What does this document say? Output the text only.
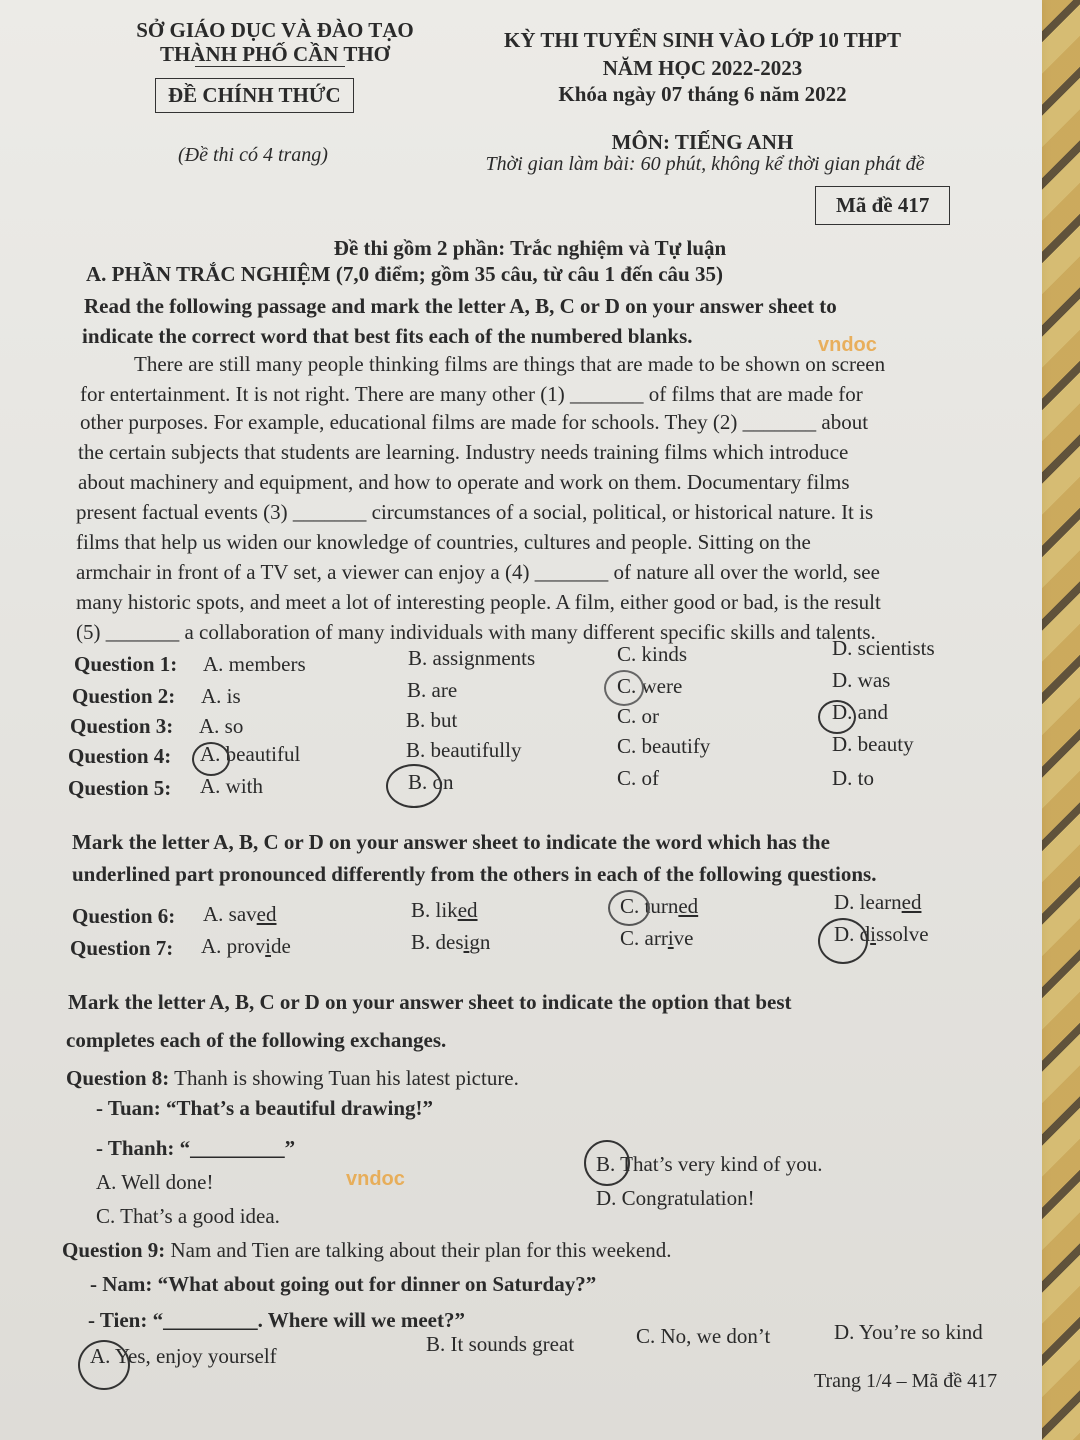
SỞ GIÁO DỤC VÀ ĐÀO TẠO
THÀNH PHỐ CẦN THƠ
ĐỀ CHÍNH THỨC
(Đề thi có 4 trang)
KỲ THI TUYỂN SINH VÀO LỚP 10 THPT
NĂM HỌC 2022-2023
Khóa ngày 07 tháng 6 năm 2022
MÔN: TIẾNG ANH
Thời gian làm bài: 60 phút, không kể thời gian phát đề
Mã đề 417
Đề thi gồm 2 phần: Trắc nghiệm và Tự luận
A. PHẦN TRẮC NGHIỆM (7,0 điểm; gồm 35 câu, từ câu 1 đến câu 35)
Read the following passage and mark the letter A, B, C or D on your answer sheet to
indicate the correct word that best fits each of the numbered blanks.	vndoc
There are still many people thinking films are things that are made to be shown on screen
for entertainment. It is not right. There are many other (1) _______ of films that are made for
other purposes. For example, educational films are made for schools. They (2) _______ about
the certain subjects that students are learning. Industry needs training films which introduce
about machinery and equipment, and how to operate and work on them. Documentary films
present factual events (3) _______ circumstances of a social, political, or historical nature. It is
films that help us widen our knowledge of countries, cultures and people. Sitting on the
armchair in front of a TV set, a viewer can enjoy a (4) _______ of nature all over the world, see
many historic spots, and meet a lot of interesting people. A film, either good or bad, is the result
(5) _______ a collaboration of many individuals with many different specific skills and talents.
Question 1: A. members	B. assignments	C. kinds	D. scientists
Question 2: A. is	B. are	C. were	D. was
Question 3: A. so	B. but	C. or	D. and
Question 4: A. beautiful	B. beautifully	C. beautify	D. beauty
Question 5: A. with	B. on	C. of	D. to
Mark the letter A, B, C or D on your answer sheet to indicate the word which has the
underlined part pronounced differently from the others in each of the following questions.
Question 6: A. saved	B. liked	C. turned	D. learned
Question 7: A. provide	B. design	C. arrive	D. dissolve
Mark the letter A, B, C or D on your answer sheet to indicate the option that best
completes each of the following exchanges.
Question 8: Thanh is showing Tuan his latest picture.
- Tuan: “That’s a beautiful drawing!”
- Thanh: “_________”
vndoc
A. Well done!
B. That’s very kind of you.
C. That’s a good idea.
D. Congratulation!
Question 9: Nam and Tien are talking about their plan for this weekend.
- Nam: “What about going out for dinner on Saturday?”
- Tien: “_________. Where will we meet?”
A. Yes, enjoy yourself	B. It sounds great	C. No, we don’t	D. You’re so kind
Trang 1/4 – Mã đề 417
